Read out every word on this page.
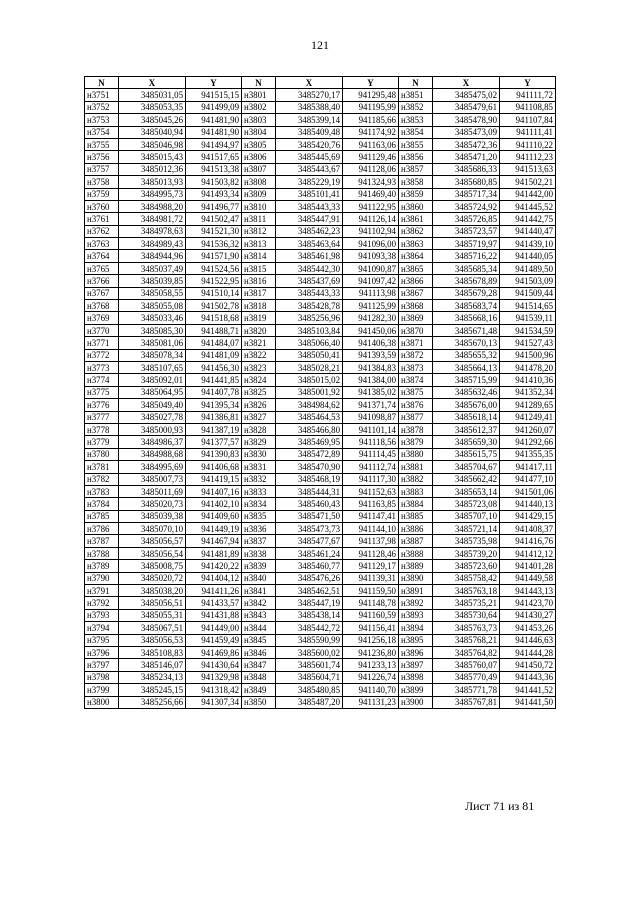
121
N	X	Y	N	X	Y	N	X	Y
н3751	3485031,05	941515,15	н3801	3485270,17	941295,48	н3851	3485475,02	941111,72
н3752	3485053,35	941499,09	н3802	3485388,40	941195,99	н3852	3485479,61	941108,85
н3753	3485045,26	941481,90	н3803	3485399,14	941185,66	н3853	3485478,90	941107,84
н3754	3485040,94	941481,90	н3804	3485409,48	941174,92	н3854	3485473,09	941111,41
н3755	3485046,98	941494,97	н3805	3485420,76	941163,06	н3855	3485472,36	941110,22
н3756	3485015,43	941517,65	н3806	3485445,69	941129,46	н3856	3485471,20	941112,23
н3757	3485012,36	941513,38	н3807	3485443,67	941128,06	н3857	3485686,33	941513,63
н3758	3485013,93	941503,82	н3808	3485229,19	941324,93	н3858	3485680,85	941502,21
н3759	3484995,73	941493,34	н3809	3485101,41	941469,40	н3859	3485717,34	941442,00
н3760	3484988,20	941496,77	н3810	3485443,33	941122,95	н3860	3485724,92	941445,52
н3761	3484981,72	941502,47	н3811	3485447,91	941126,14	н3861	3485726,85	941442,75
н3762	3484978,63	941521,30	н3812	3485462,23	941102,94	н3862	3485723,57	941440,47
н3763	3484989,43	941536,32	н3813	3485463,64	941096,00	н3863	3485719,97	941439,10
н3764	3484944,96	941571,90	н3814	3485461,98	941093,38	н3864	3485716,22	941440,05
н3765	3485037,49	941524,56	н3815	3485442,30	941090,87	н3865	3485685,34	941489,50
н3766	3485039,85	941522,95	н3816	3485437,69	941097,42	н3866	3485678,89	941503,09
н3767	3485058,55	941510,14	н3817	3485443,33	941113,98	н3867	3485679,28	941509,44
н3768	3485055,08	941502,78	н3818	3485428,78	941125,99	н3868	3485683,74	941514,65
н3769	3485033,46	941518,68	н3819	3485256,96	941282,30	н3869	3485668,16	941539,11
н3770	3485085,30	941488,71	н3820	3485103,84	941450,06	н3870	3485671,48	941534,59
н3771	3485081,06	941484,07	н3821	3485066,40	941406,38	н3871	3485670,13	941527,43
н3772	3485078,34	941481,09	н3822	3485050,41	941393,59	н3872	3485655,32	941500,96
н3773	3485107,65	941456,30	н3823	3485028,21	941384,83	н3873	3485664,13	941478,20
н3774	3485092,01	941441,85	н3824	3485015,02	941384,00	н3874	3485715,99	941410,36
н3775	3485064,95	941407,78	н3825	3485001,92	941385,02	н3875	3485632,46	941352,34
н3776	3485049,40	941395,34	н3826	3484984,62	941371,74	н3876	3485676,00	941289,65
н3777	3485027,78	941386,81	н3827	3485464,53	941098,87	н3877	3485618,14	941249,41
н3778	3485000,93	941387,19	н3828	3485466,80	941101,14	н3878	3485612,37	941260,07
н3779	3484986,37	941377,57	н3829	3485469,95	941118,56	н3879	3485659,30	941292,66
н3780	3484988,68	941390,83	н3830	3485472,89	941114,45	н3880	3485615,75	941355,35
н3781	3484995,69	941406,68	н3831	3485470,90	941112,74	н3881	3485704,67	941417,11
н3782	3485007,73	941419,15	н3832	3485468,19	941117,30	н3882	3485662,42	941477,10
н3783	3485011,69	941407,16	н3833	3485444,31	941152,63	н3883	3485653,14	941501,06
н3784	3485020,73	941402,10	н3834	3485460,43	941163,85	н3884	3485723,08	941440,13
н3785	3485039,38	941409,60	н3835	3485471,50	941147,41	н3885	3485707,10	941429,15
н3786	3485070,10	941449,19	н3836	3485473,73	941144,10	н3886	3485721,14	941408,37
н3787	3485056,57	941467,94	н3837	3485477,67	941137,98	н3887	3485735,98	941416,76
н3788	3485056,54	941481,89	н3838	3485461,24	941128,46	н3888	3485739,20	941412,12
н3789	3485008,75	941420,22	н3839	3485460,77	941129,17	н3889	3485723,60	941401,28
н3790	3485020,72	941404,12	н3840	3485476,26	941139,31	н3890	3485758,42	941449,58
н3791	3485038,20	941411,26	н3841	3485462,51	941159,50	н3891	3485763,18	941443,13
н3792	3485056,51	941433,57	н3842	3485447,19	941148,78	н3892	3485735,21	941423,70
н3793	3485055,31	941431,88	н3843	3485438,14	941160,59	н3893	3485730,64	941430,27
н3794	3485067,51	941449,00	н3844	3485442,72	941156,41	н3894	3485763,73	941453,26
н3795	3485056,53	941459,49	н3845	3485590,99	941256,18	н3895	3485768,21	941446,63
н3796	3485108,83	941469,86	н3846	3485600,02	941236,80	н3896	3485764,82	941444,28
н3797	3485146,07	941430,64	н3847	3485601,74	941233,13	н3897	3485760,07	941450,72
н3798	3485234,13	941329,98	н3848	3485604,71	941226,74	н3898	3485770,49	941443,36
н3799	3485245,15	941318,42	н3849	3485480,85	941140,70	н3899	3485771,78	941441,52
н3800	3485256,66	941307,34	н3850	3485487,20	941131,23	н3900	3485767,81	941441,50
Лист 71 из 81
